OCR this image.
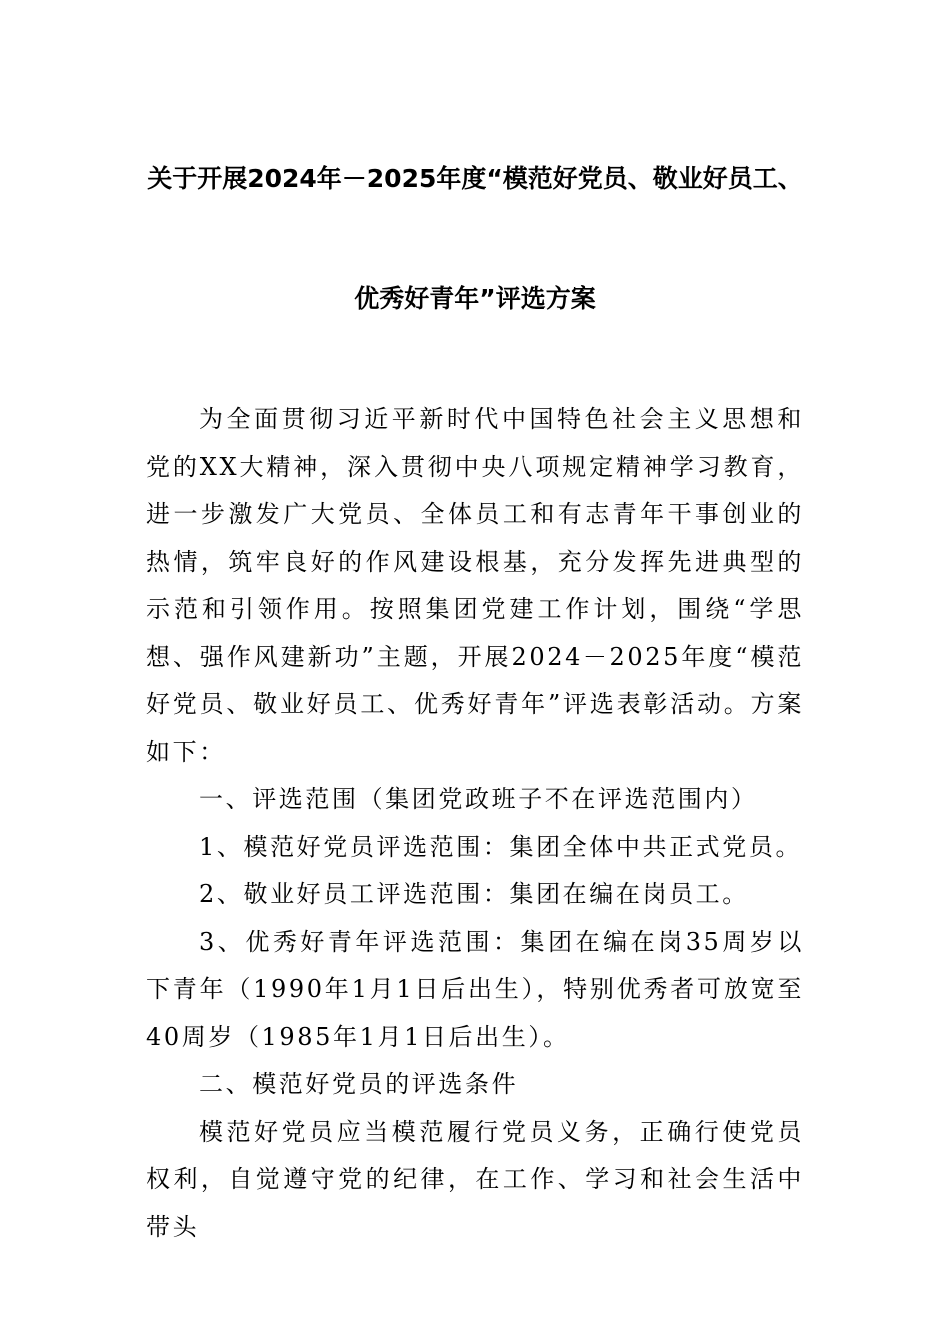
关于开展2024年－2025年度“模范好党员、敬业好员工、
优秀好青年”评选方案

为全面贯彻习近平新时代中国特色社会主义思想和党的XX大精神，深入贯彻中央八项规定精神学习教育，进一步激发广大党员、全体员工和有志青年干事创业的热情，筑牢良好的作风建设根基，充分发挥先进典型的示范和引领作用。按照集团党建工作计划，围绕“学思想、强作风建新功”主题，开展2024－2025年度“模范好党员、敬业好员工、优秀好青年”评选表彰活动。方案如下：

一、评选范围（集团党政班子不在评选范围内）

1、模范好党员评选范围：集团全体中共正式党员。

2、敬业好员工评选范围：集团在编在岗员工。

3、优秀好青年评选范围：集团在编在岗35周岁以下青年（1990年1月1日后出生），特别优秀者可放宽至40周岁（1985年1月1日后出生）。

二、模范好党员的评选条件

模范好党员应当模范履行党员义务，正确行使党员权利，自觉遵守党的纪律，在工作、学习和社会生活中带头
